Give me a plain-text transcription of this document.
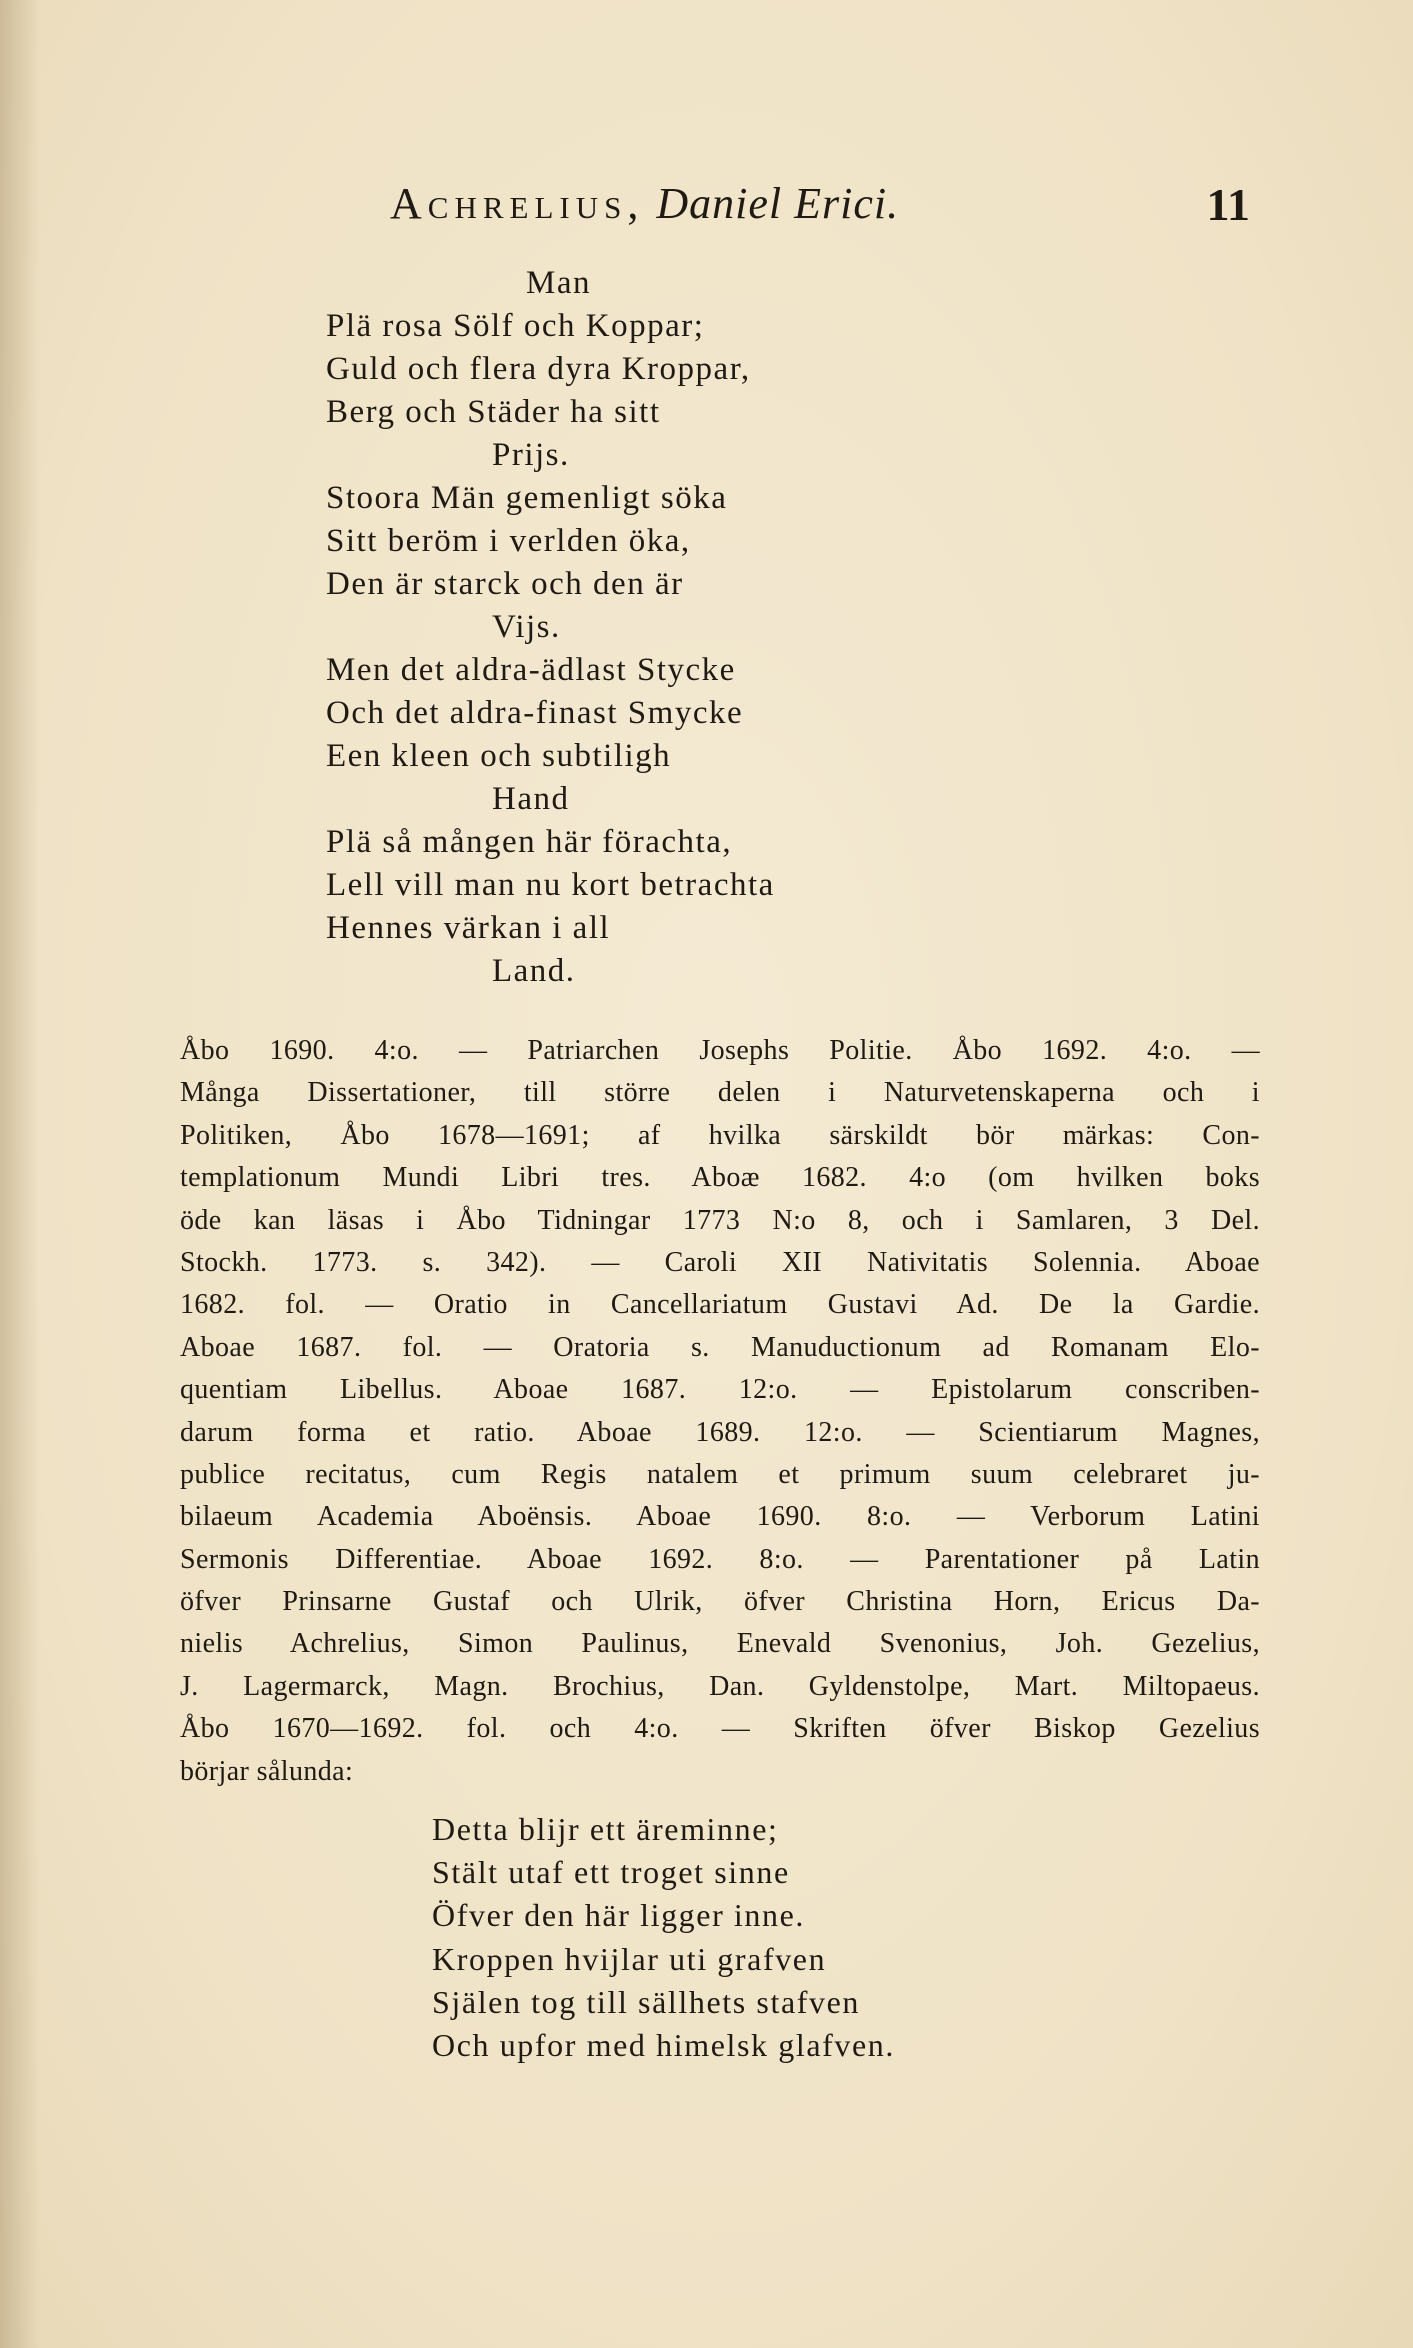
Achrelius, Daniel Erici.	11
Man
Plä rosa Sölf och Koppar;
Guld och flera dyra Kroppar,
Berg och Städer ha sitt
Prijs.
Stoora Män gemenligt söka
Sitt beröm i verlden öka,
Den är starck och den är
Vijs.
Men det aldra-ädlast Stycke
Och det aldra-finast Smycke
Een kleen och subtiligh
Hand
Plä så mången här förachta,
Lell vill man nu kort betrachta
Hennes värkan i all
Land.
Åbo 1690. 4:o. — Patriarchen Josephs Politie. Åbo 1692. 4:o. —
Många Dissertationer, till större delen i Naturvetenskaperna och i
Politiken, Åbo 1678—1691; af hvilka särskildt bör märkas: Con-
templationum Mundi Libri tres. Aboæ 1682. 4:o (om hvilken boks
öde kan läsas i Åbo Tidningar 1773 N:o 8, och i Samlaren, 3 Del.
Stockh. 1773. s. 342). — Caroli XII Nativitatis Solennia. Aboae
1682. fol. — Oratio in Cancellariatum Gustavi Ad. De la Gardie.
Aboae 1687. fol. — Oratoria s. Manuductionum ad Romanam Elo-
quentiam Libellus. Aboae 1687. 12:o. — Epistolarum conscriben-
darum forma et ratio. Aboae 1689. 12:o. — Scientiarum Magnes,
publice recitatus, cum Regis natalem et primum suum celebraret ju-
bilaeum Academia Aboënsis. Aboae 1690. 8:o. — Verborum Latini
Sermonis Differentiae. Aboae 1692. 8:o. — Parentationer på Latin
öfver Prinsarne Gustaf och Ulrik, öfver Christina Horn, Ericus Da-
nielis Achrelius, Simon Paulinus, Enevald Svenonius, Joh. Gezelius,
J. Lagermarck, Magn. Brochius, Dan. Gyldenstolpe, Mart. Miltopaeus.
Åbo 1670—1692. fol. och 4:o. — Skriften öfver Biskop Gezelius
börjar sålunda:
Detta blijr ett äreminne;
Stält utaf ett troget sinne
Öfver den här ligger inne.
Kroppen hvijlar uti grafven
Själen tog till sällhets stafven
Och upfor med himelsk glafven.
